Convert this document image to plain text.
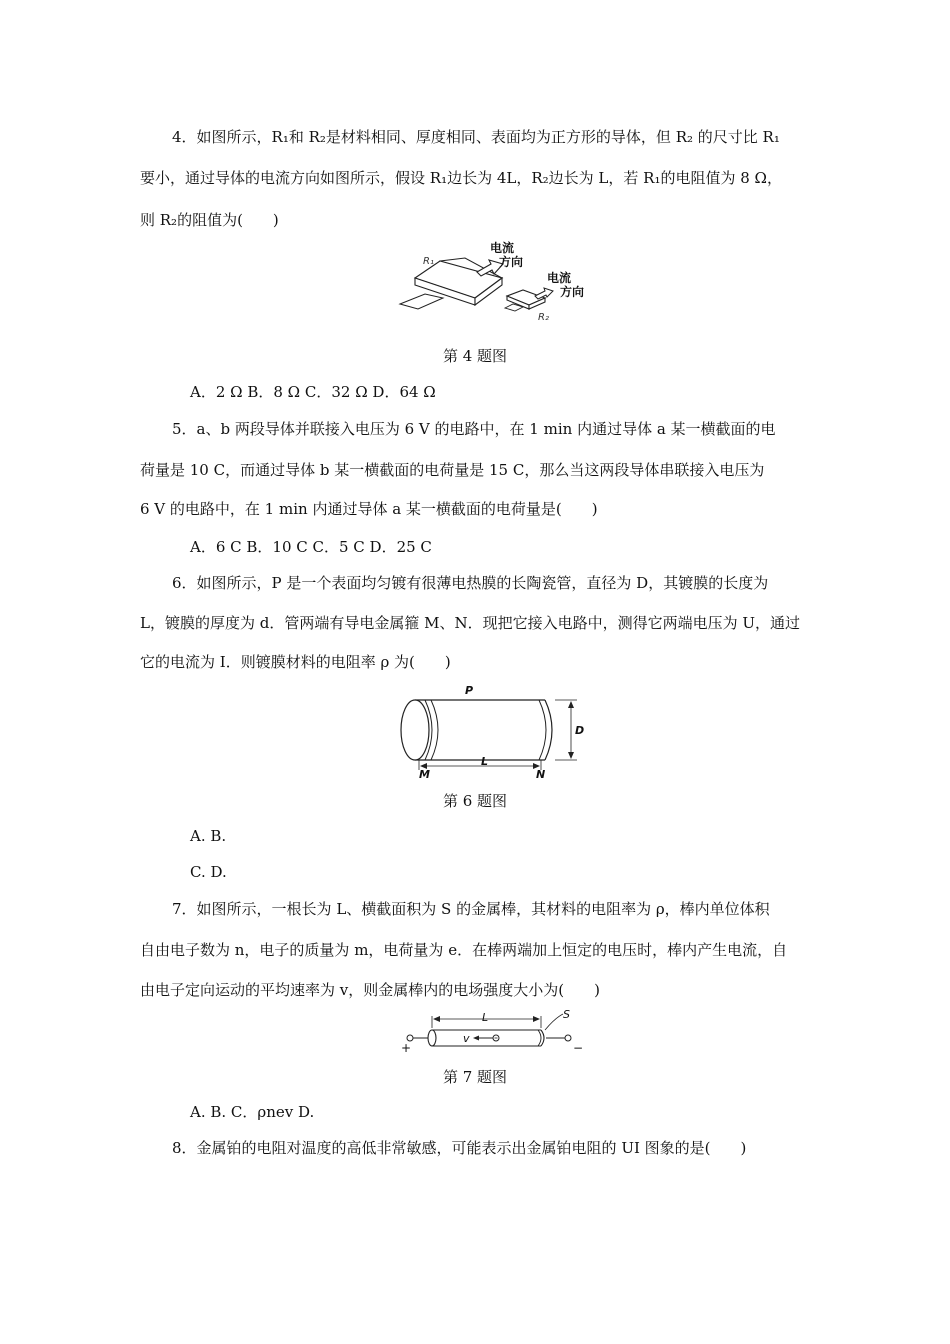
4．如图所示，R₁和 R₂是材料相同、厚度相同、表面均为正方形的导体，但 R₂ 的尺寸比 R₁
要小，通过导体的电流方向如图所示，假设 R₁边长为 4L，R₂边长为 L，若 R₁的电阻值为 8 Ω，
则 R₂的阻值为(　　)
R₁
电流
方向
R₂
电流
方向
第 4 题图
A．2 Ω B．8 Ω C．32 Ω D．64 Ω
5．a、b 两段导体并联接入电压为 6 V 的电路中，在 1 min 内通过导体 a 某一横截面的电
荷量是 10 C，而通过导体 b 某一横截面的电荷量是 15 C，那么当这两段导体串联接入电压为
6 V 的电路中，在 1 min 内通过导体 a 某一横截面的电荷量是(　　)
A．6 C B．10 C C．5 C D．25 C
6．如图所示，P 是一个表面均匀镀有很薄电热膜的长陶瓷管，直径为 D，其镀膜的长度为
L，镀膜的厚度为 d．管两端有导电金属箍 M、N．现把它接入电路中，测得它两端电压为 U，通过
它的电流为 I．则镀膜材料的电阻率 ρ 为(　　)
P
D
L
M	N
第 6 题图
A. B.
C. D.
7．如图所示，一根长为 L、横截面积为 S 的金属棒，其材料的电阻率为 ρ，棒内单位体积
自由电子数为 n，电子的质量为 m，电荷量为 e．在棒两端加上恒定的电压时，棒内产生电流，自
由电子定向运动的平均速率为 v，则金属棒内的电场强度大小为(　　)
L
v
S
+	−
第 7 题图
A. B. C．ρnev D.
8．金属铂的电阻对温度的高低非常敏感，可能表示出金属铂电阻的 UI 图象的是(　　)
